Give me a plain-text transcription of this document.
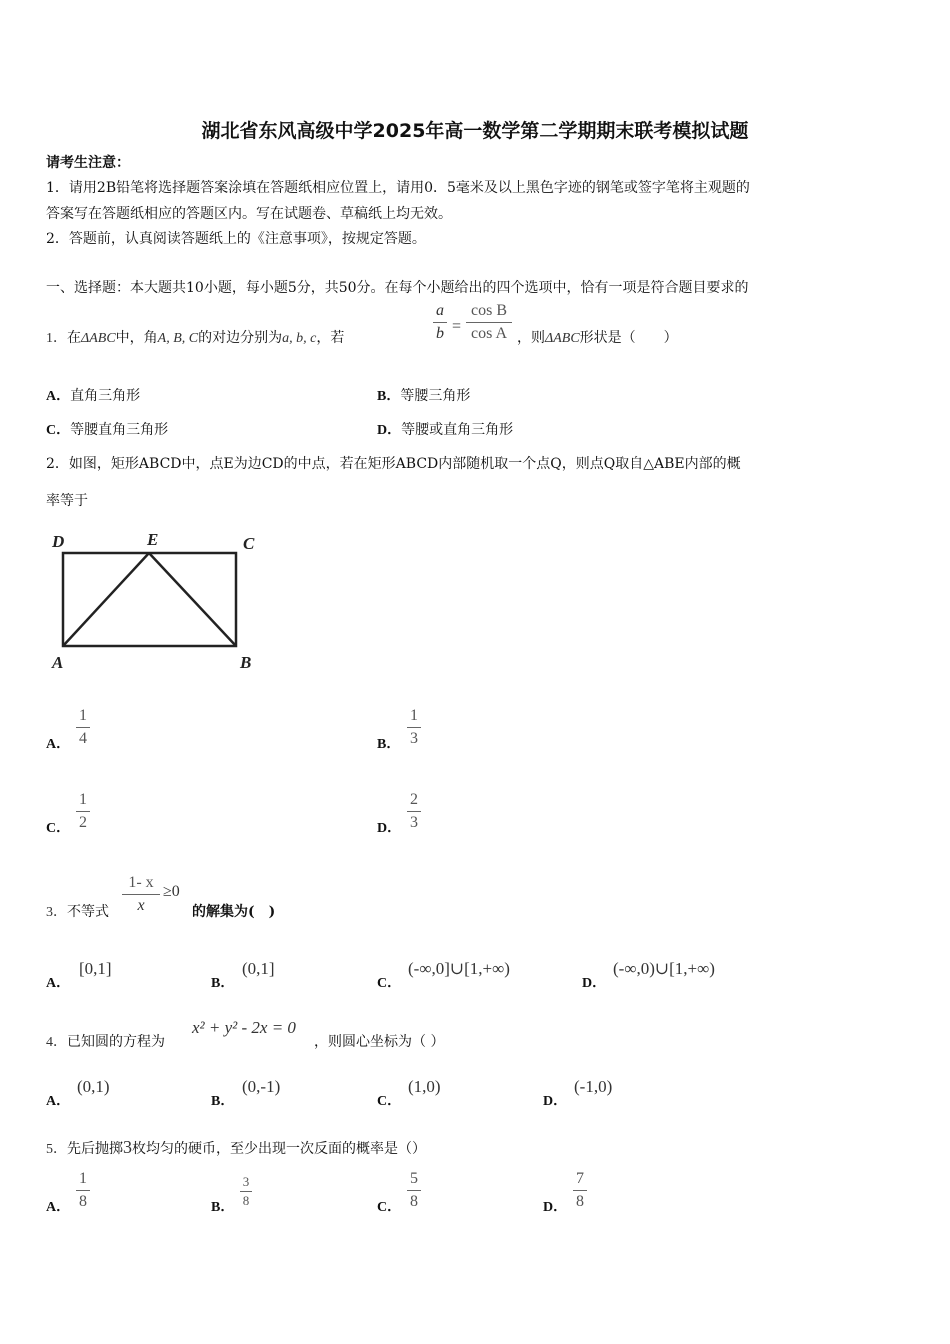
湖北省东风高级中学2025年高一数学第二学期期末联考模拟试题
请考生注意：
1．请用2B铅笔将选择题答案涂填在答题纸相应位置上，请用0．5毫米及以上黑色字迹的钢笔或签字笔将主观题的
答案写在答题纸相应的答题区内。写在试题卷、草稿纸上均无效。
2．答题前，认真阅读答题纸上的《注意事项》，按规定答题。
一、选择题：本大题共10小题，每小题5分，共50分。在每个小题给出的四个选项中，恰有一项是符合题目要求的
1．在ΔABC中，角A, B, C的对边分别为a, b, c，若
a
b =
cos B
cos A ，则ΔABC形状是（　　）
A．直角三角形	B．等腰三角形
C．等腰直角三角形	D．等腰或直角三角形
2．如图，矩形ABCD中，点E为边CD的中点，若在矩形ABCD内部随机取一个点Q，则点Q取自△ABE内部的概
率等于
D	E	C
A	B
A．
1
4	B．
1
3
C．
1
2	D．
2
3
3．不等式
1- x
x
≥0
的解集为(　)
A．
[0,1]
B．
(0,1]
C．
(-∞,0]∪[1,+∞)
D．
(-∞,0)∪[1,+∞)
4．已知圆的方程为
x² + y² - 2x = 0
，则圆心坐标为（ ）
A．
(0,1)
B．
(0,-1)
C．
(1,0)
D．
(-1,0)
5．先后抛掷3枚均匀的硬币，至少出现一次反面的概率是（）
A．
1
8	B．
3
8	C．
5
8	D．
7
8
